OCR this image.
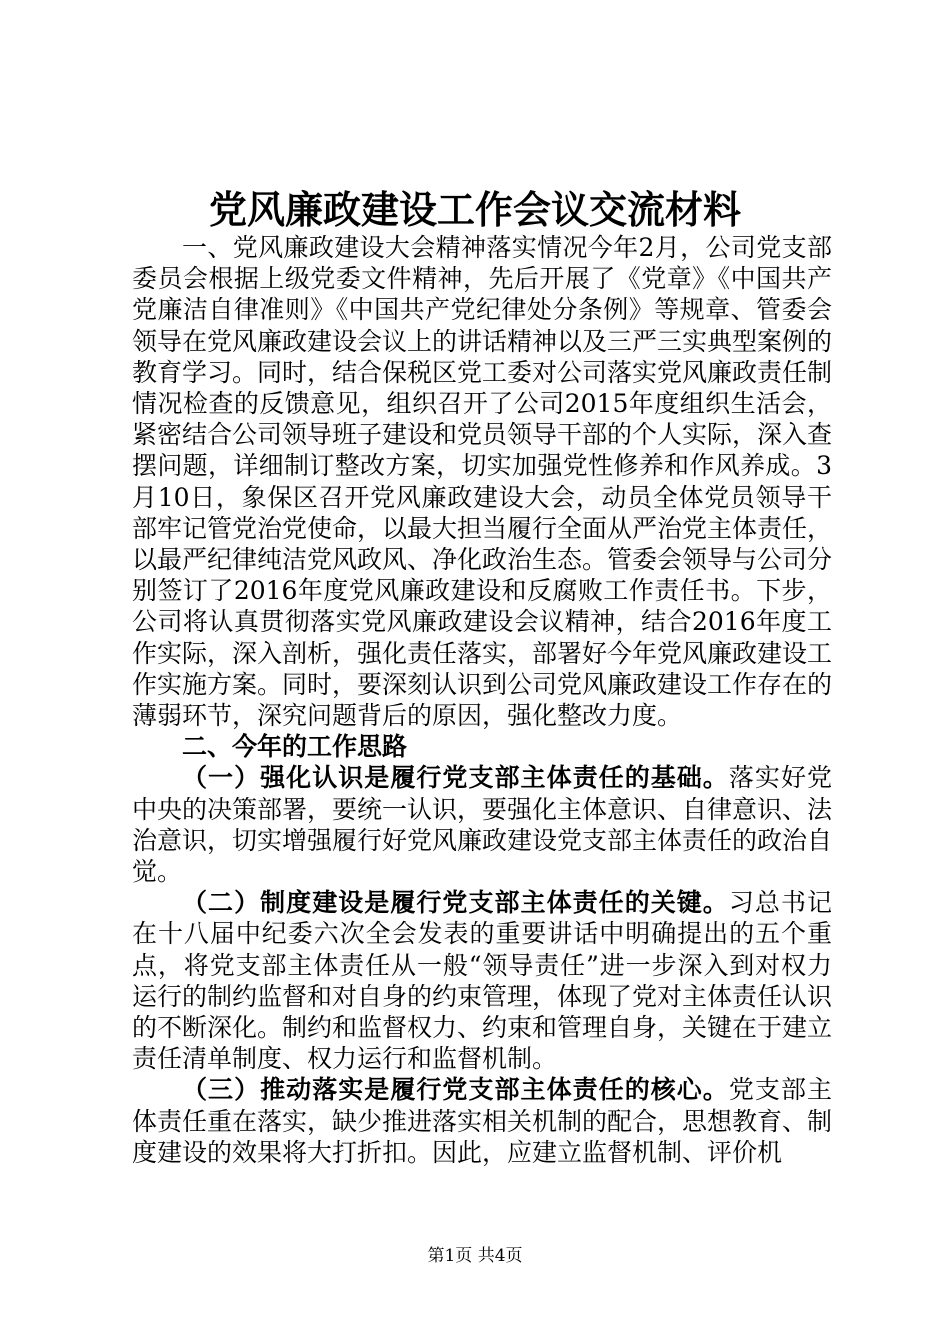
党风廉政建设工作会议交流材料

一、党风廉政建设大会精神落实情况今年2月，公司党支部委员会根据上级党委文件精神，先后开展了《党章》《中国共产党廉洁自律准则》《中国共产党纪律处分条例》等规章、管委会领导在党风廉政建设会议上的讲话精神以及三严三实典型案例的教育学习。同时，结合保税区党工委对公司落实党风廉政责任制情况检查的反馈意见，组织召开了公司2015年度组织生活会，紧密结合公司领导班子建设和党员领导干部的个人实际，深入查摆问题，详细制订整改方案，切实加强党性修养和作风养成。3月10日，象保区召开党风廉政建设大会，动员全体党员领导干部牢记管党治党使命，以最大担当履行全面从严治党主体责任，以最严纪律纯洁党风政风、净化政治生态。管委会领导与公司分别签订了2016年度党风廉政建设和反腐败工作责任书。下步，公司将认真贯彻落实党风廉政建设会议精神，结合2016年度工作实际，深入剖析，强化责任落实，部署好今年党风廉政建设工作实施方案。同时，要深刻认识到公司党风廉政建设工作存在的薄弱环节，深究问题背后的原因，强化整改力度。

二、今年的工作思路

（一）强化认识是履行党支部主体责任的基础。落实好党中央的决策部署，要统一认识，要强化主体意识、自律意识、法治意识，切实增强履行好党风廉政建设党支部主体责任的政治自觉。

（二）制度建设是履行党支部主体责任的关键。习总书记在十八届中纪委六次全会发表的重要讲话中明确提出的五个重点，将党支部主体责任从一般“领导责任”进一步深入到对权力运行的制约监督和对自身的约束管理，体现了党对主体责任认识的不断深化。制约和监督权力、约束和管理自身，关键在于建立责任清单制度、权力运行和监督机制。

（三）推动落实是履行党支部主体责任的核心。党支部主体责任重在落实，缺少推进落实相关机制的配合，思想教育、制度建设的效果将大打折扣。因此，应建立监督机制、评价机

第1页 共4页
